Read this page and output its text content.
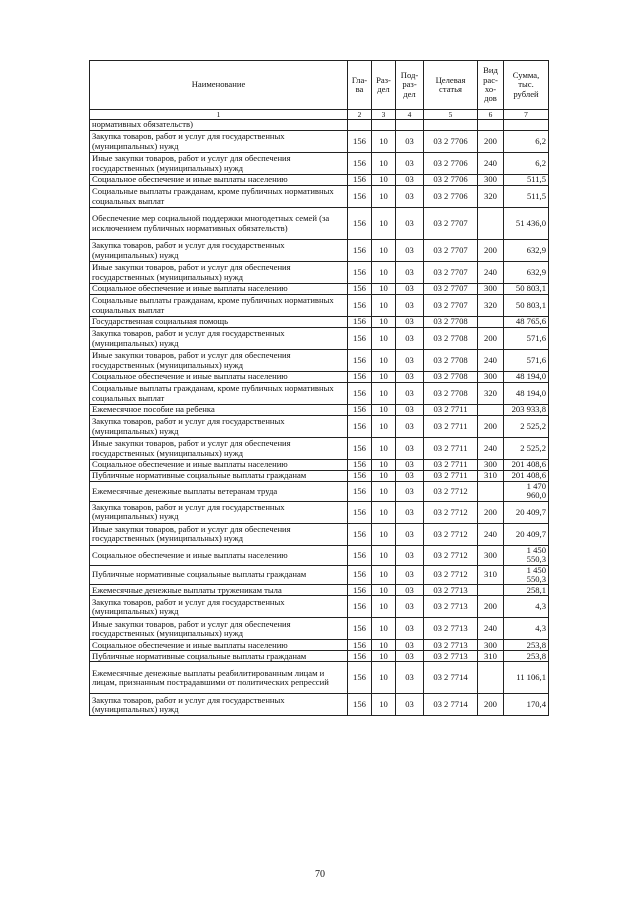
Наименование	Гла-ва	Раз-дел	Под-раз-дел	Целевая статья	Вид рас-хо-дов	Сумма, тыс. рублей
1	2	3	4	5	6	7
нормативных обязательств)						
Закупка товаров, работ и услуг для государственных (муниципальных) нужд	156	10	03	03 2 7706	200	6,2
Иные закупки товаров, работ и услуг для обеспечения государственных (муниципальных) нужд	156	10	03	03 2 7706	240	6,2
Социальное обеспечение и иные выплаты населению	156	10	03	03 2 7706	300	511,5
Социальные выплаты гражданам, кроме публичных нормативных социальных выплат	156	10	03	03 2 7706	320	511,5
Обеспечение мер социальной поддержки многодетных семей (за исключением публичных нормативных обязательств)	156	10	03	03 2 7707		51 436,0
Закупка товаров, работ и услуг для государственных (муниципальных) нужд	156	10	03	03 2 7707	200	632,9
Иные закупки товаров, работ и услуг для обеспечения государственных (муниципальных) нужд	156	10	03	03 2 7707	240	632,9
Социальное обеспечение и иные выплаты населению	156	10	03	03 2 7707	300	50 803,1
Социальные выплаты гражданам, кроме публичных нормативных социальных выплат	156	10	03	03 2 7707	320	50 803,1
Государственная социальная помощь	156	10	03	03 2 7708		48 765,6
Закупка товаров, работ и услуг для государственных (муниципальных) нужд	156	10	03	03 2 7708	200	571,6
Иные закупки товаров, работ и услуг для обеспечения государственных (муниципальных) нужд	156	10	03	03 2 7708	240	571,6
Социальное обеспечение и иные выплаты населению	156	10	03	03 2 7708	300	48 194,0
Социальные выплаты гражданам, кроме публичных нормативных социальных выплат	156	10	03	03 2 7708	320	48 194,0
Ежемесячное пособие на ребенка	156	10	03	03 2 7711		203 933,8
Закупка товаров, работ и услуг для государственных (муниципальных) нужд	156	10	03	03 2 7711	200	2 525,2
Иные закупки товаров, работ и услуг для обеспечения государственных (муниципальных) нужд	156	10	03	03 2 7711	240	2 525,2
Социальное обеспечение и иные выплаты населению	156	10	03	03 2 7711	300	201 408,6
Публичные нормативные социальные выплаты гражданам	156	10	03	03 2 7711	310	201 408,6
Ежемесячные денежные выплаты ветеранам труда	156	10	03	03 2 7712		1 470 960,0
Закупка товаров, работ и услуг для государственных (муниципальных) нужд	156	10	03	03 2 7712	200	20 409,7
Иные закупки товаров, работ и услуг для обеспечения государственных (муниципальных) нужд	156	10	03	03 2 7712	240	20 409,7
Социальное обеспечение и иные выплаты населению	156	10	03	03 2 7712	300	1 450 550,3
Публичные нормативные социальные выплаты гражданам	156	10	03	03 2 7712	310	1 450 550,3
Ежемесячные денежные выплаты труженикам тыла	156	10	03	03 2 7713		258,1
Закупка товаров, работ и услуг для государственных (муниципальных) нужд	156	10	03	03 2 7713	200	4,3
Иные закупки товаров, работ и услуг для обеспечения государственных (муниципальных) нужд	156	10	03	03 2 7713	240	4,3
Социальное обеспечение и иные выплаты населению	156	10	03	03 2 7713	300	253,8
Публичные нормативные социальные выплаты гражданам	156	10	03	03 2 7713	310	253,8
Ежемесячные денежные выплаты реабилитированным лицам и лицам, признанным пострадавшими от политических репрессий	156	10	03	03 2 7714		11 106,1
Закупка товаров, работ и услуг для государственных (муниципальных) нужд	156	10	03	03 2 7714	200	170,4
70
